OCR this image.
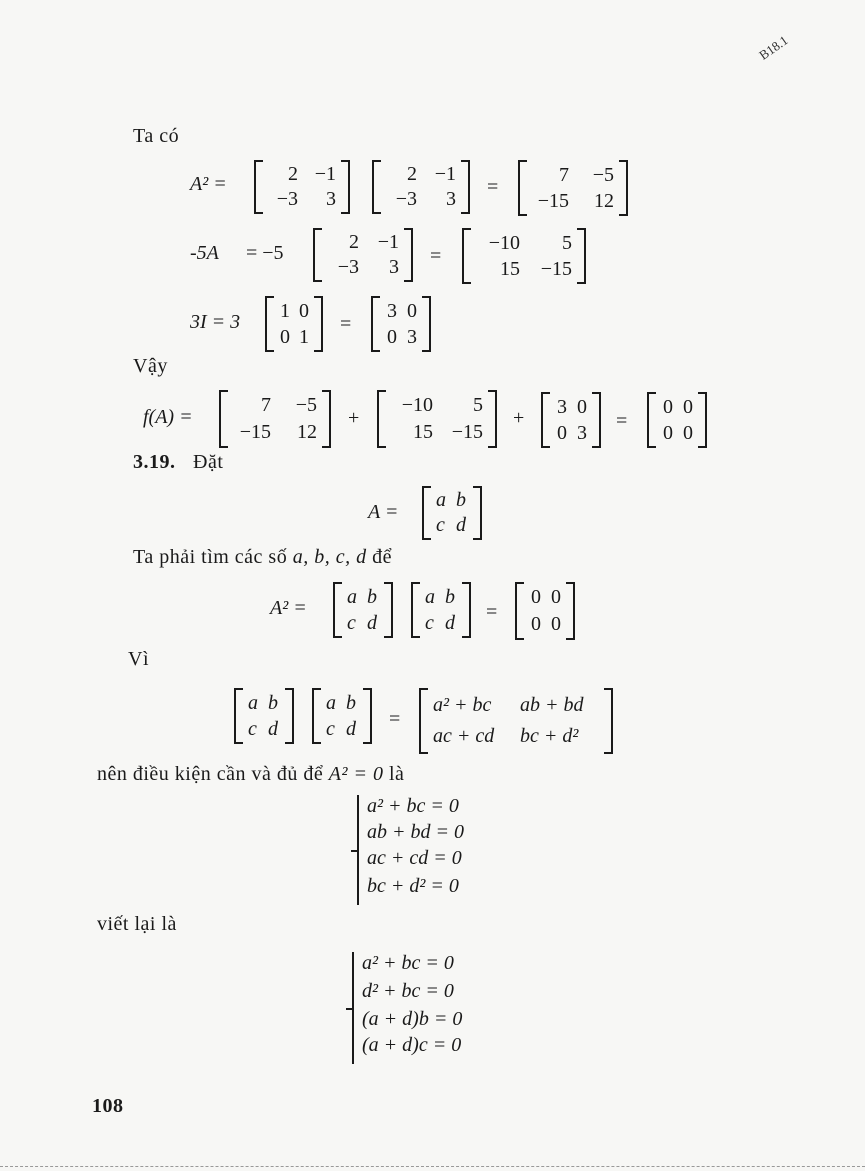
B18.1
Ta có
A² =	2 −1
−3	3
2 −1
−3	3
=
7	−5
−15	12
-5A = −5	2 −1
−3	3 =
−10	5
15	−15
3I = 3
1 0
0 1
=
3 0
0 3
Vậy
f(A) =
7	−5
−15	12
+
−10	5
15 −15
+
3 0
0 3
=
0 0
0 0
3.19. Đặt
A =
a b
c d
Ta phải tìm các số a, b, c, d để
A² =
a b
c d
a b
c d	=
0 0
0 0
Vì
a b
c d
a b
c d	=
a² + bc	ab + bd
ac + cd	bc + d²
nên điều kiện cần và đủ để A² = 0 là
a² + bc = 0
ab + bd = 0
ac + cd = 0
bc + d² = 0
viết lại là
a² + bc = 0
d² + bc = 0
(a + d)b = 0
(a + d)c = 0
108
